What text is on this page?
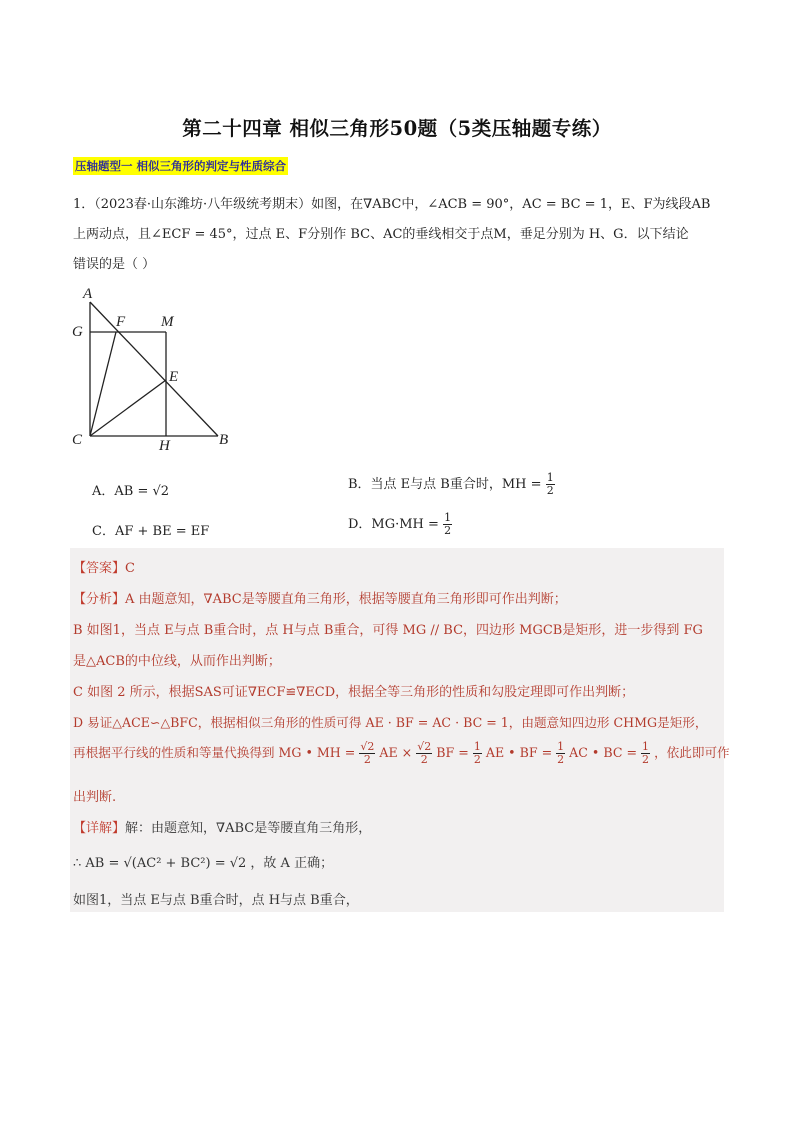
第二十四章 相似三角形50题（5类压轴题专练）
压轴题型一 相似三角形的判定与性质综合
1．（2023春·山东潍坊·八年级统考期末）如图，在∇ABC中，∠ACB = 90°，AC = BC = 1，E、F为线段AB
上两动点，且∠ECF = 45°，过点 E、F分别作 BC、AC的垂线相交于点M，垂足分别为 H、G．以下结论
错误的是（ ）
A
G
F M
E
C	H	B
A．AB = √2	B．当点 E与点 B重合时，MH = $\frac{1}{2}$
C．AF + BE = EF	D．$MG\cdot MH = \frac{1}{2}$
【答案】C
【分析】A 由题意知，∇ABC是等腰直角三角形，根据等腰直角三角形即可作出判断；
B 如图1，当点 E与点 B重合时，点 H与点 B重合，可得 MG // BC，四边形 MGCB是矩形，进一步得到 FG
是△ACB的中位线，从而作出判断；
C 如图 2 所示，根据SAS可证∇ECF≌∇ECD，根据全等三角形的性质和勾股定理即可作出判断；
D 易证△ACE∽△BFC，根据相似三角形的性质可得 AE · BF = AC · BC = 1，由题意知四边形 CHMG是矩形，
再根据平行线的性质和等量代换得到 MG • MH = $\frac{√2}{2}$ AE × $\frac{√2}{2}$ BF = $\frac{1}{2}$ AE • BF = $\frac{1}{2}$ AC • BC = $\frac{1}{2}$ ，依此即可作
出判断.
【详解】解：由题意知，∇ABC是等腰直角三角形，
∴ AB = √(AC² + BC²) = √2 ，故 A 正确；
如图1，当点 E与点 B重合时，点 H与点 B重合，
